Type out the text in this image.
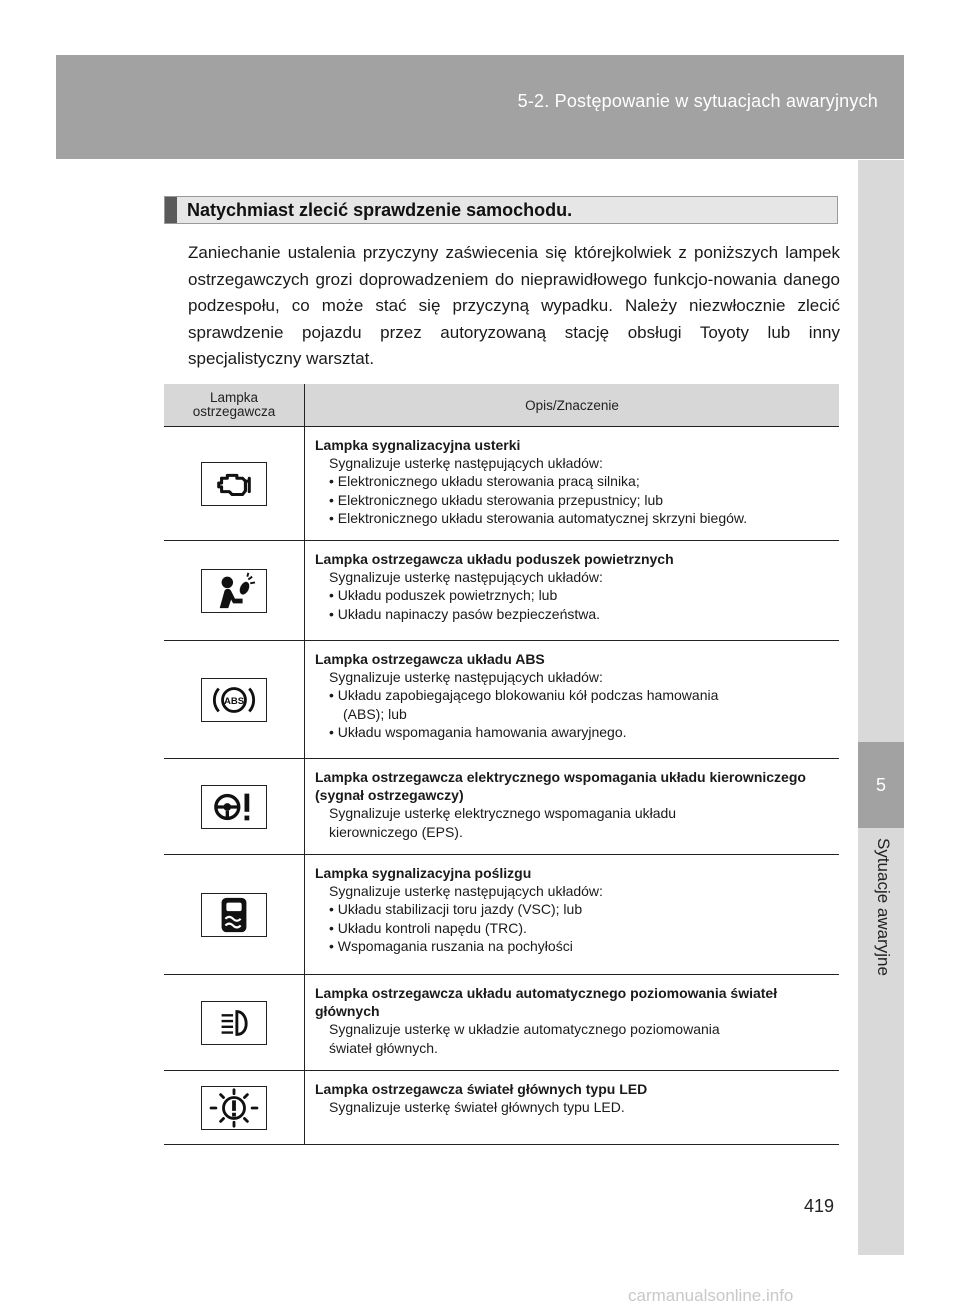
5-2. Postępowanie w sytuacjach awaryjnych
5
Sytuacje awaryjne
Natychmiast zlecić sprawdzenie samochodu.
Zaniechanie ustalenia przyczyny zaświecenia się którejkolwiek z poniższych lampek ostrzegawczych grozi doprowadzeniem do nieprawidłowego funkcjo-nowania danego podzespołu, co może stać się przyczyną wypadku. Należy niezwłocznie zlecić sprawdzenie pojazdu przez autoryzowaną stację obsługi Toyoty lub inny specjalistyczny warsztat.
Lampka
ostrzegawcza	Opis/Znaczenie

Lampka sygnalizacyjna usterki
Sygnalizuje usterkę następujących układów:
• Elektronicznego układu sterowania pracą silnika;
• Elektronicznego układu sterowania przepustnicy; lub
• Elektronicznego układu sterowania automatycznej skrzyni biegów.

Lampka ostrzegawcza układu poduszek powietrznych
Sygnalizuje usterkę następujących układów:
• Układu poduszek powietrznych; lub
• Układu napinaczy pasów bezpieczeństwa.

ABS	Lampka ostrzegawcza układu ABS
Sygnalizuje usterkę następujących układów:
• Układu zapobiegającego blokowaniu kół podczas hamowania
(ABS); lub
• Układu wspomagania hamowania awaryjnego.

Lampka ostrzegawcza elektrycznego wspomagania układu kierowniczego (sygnał ostrzegawczy)
Sygnalizuje usterkę elektrycznego wspomagania układu
kierowniczego (EPS).

Lampka sygnalizacyjna poślizgu
Sygnalizuje usterkę następujących układów:
• Układu stabilizacji toru jazdy (VSC); lub
• Układu kontroli napędu (TRC).
• Wspomagania ruszania na pochyłości

Lampka ostrzegawcza układu automatycznego poziomowania świateł głównych
Sygnalizuje usterkę w układzie automatycznego poziomowania
świateł głównych.

Lampka ostrzegawcza świateł głównych typu LED
Sygnalizuje usterkę świateł głównych typu LED.
419
carmanualsonline.info
